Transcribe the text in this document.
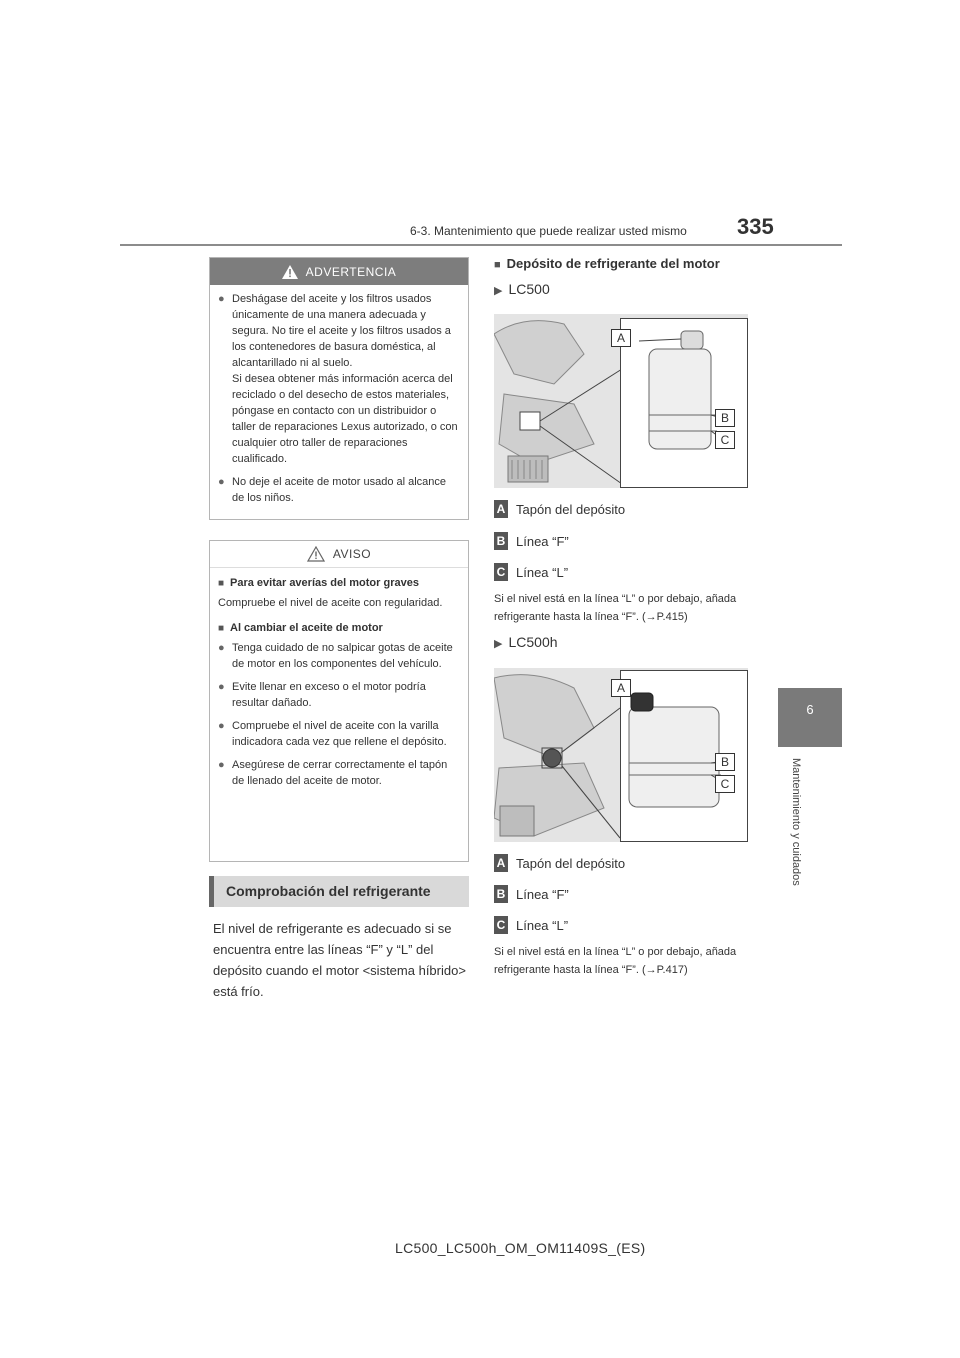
6-3. Mantenimiento que puede realizar usted mismo 335
6
Mantenimiento y cuidados
ADVERTENCIA
● Deshágase del aceite y los filtros usados únicamente de una manera adecuada y segura. No tire el aceite y los filtros usados a los contenedores de basura doméstica, al alcantarillado ni al suelo.
Si desea obtener más información acerca del reciclado o del desecho de estos materiales, póngase en contacto con un distribuidor o taller de reparaciones Lexus autorizado, o con cualquier otro taller de reparaciones cualificado.
● No deje el aceite de motor usado al alcance de los niños.
AVISO
■ Para evitar averías del motor graves
Compruebe el nivel de aceite con regularidad.
■ Al cambiar el aceite de motor
● Tenga cuidado de no salpicar gotas de aceite de motor en los componentes del vehículo.
● Evite llenar en exceso o el motor podría resultar dañado.
● Compruebe el nivel de aceite con la varilla indicadora cada vez que rellene el depósito.
● Asegúrese de cerrar correctamente el tapón de llenado del aceite de motor.
Comprobación del refrigerante
El nivel de refrigerante es adecuado si se encuentra entre las líneas “F” y “L” del depósito cuando el motor <sistema híbrido> está frío.
■ Depósito de refrigerante del motor
▶ LC500
A
B
C
A Tapón del depósito
B Línea “F”
C Línea “L”
Si el nivel está en la línea “L” o por debajo, añada refrigerante hasta la línea “F”. (→P.415)
▶ LC500h
A
B
C
A Tapón del depósito
B Línea “F”
C Línea “L”
Si el nivel está en la línea “L” o por debajo, añada refrigerante hasta la línea “F”. (→P.417)
LC500_LC500h_OM_OM11409S_(ES)
